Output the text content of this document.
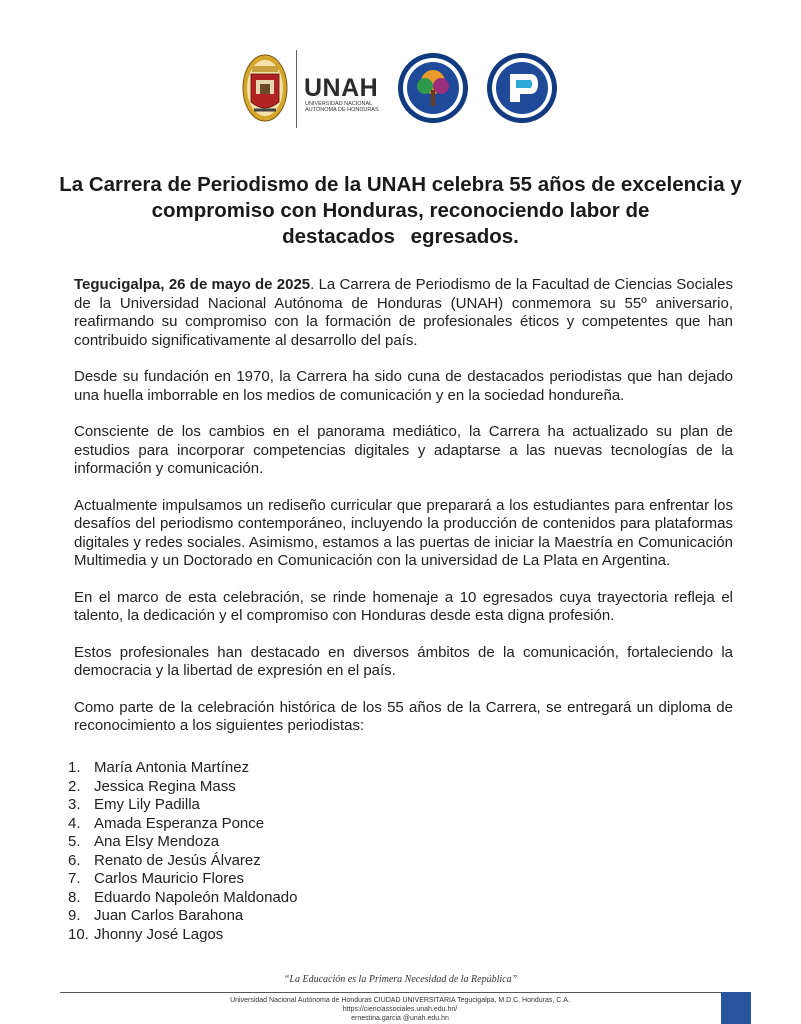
UNAH
UNIVERSIDAD NACIONAL
AUTÓNOMA DE HONDURAS
La Carrera de Periodismo de la UNAH celebra 55 años de excelencia y
compromiso con Honduras, reconociendo labor de
destacados egresados.

Tegucigalpa, 26 de mayo de 2025. La Carrera de Periodismo de la Facultad de Ciencias Sociales de la Universidad Nacional Autónoma de Honduras (UNAH) conmemora su 55º aniversario, reafirmando su compromiso con la formación de profesionales éticos y competentes que han contribuido significativamente al desarrollo del país.

Desde su fundación en 1970, la Carrera ha sido cuna de destacados periodistas que han dejado una huella imborrable en los medios de comunicación y en la sociedad hondureña.

Consciente de los cambios en el panorama mediático, la Carrera ha actualizado su plan de estudios para incorporar competencias digitales y adaptarse a las nuevas tecnologías de la información y comunicación.

Actualmente impulsamos un rediseño curricular que preparará a los estudiantes para enfrentar los desafíos del periodismo contemporáneo, incluyendo la producción de contenidos para plataformas digitales y redes sociales. Asimismo, estamos a las puertas de iniciar la Maestría en Comunicación Multimedia y un Doctorado en Comunicación con la universidad de La Plata en Argentina.

En el marco de esta celebración, se rinde homenaje a 10 egresados cuya trayectoria refleja el talento, la dedicación y el compromiso con Honduras desde esta digna profesión.

Estos profesionales han destacado en diversos ámbitos de la comunicación, fortaleciendo la democracia y la libertad de expresión en el país.

Como parte de la celebración histórica de los 55 años de la Carrera, se entregará un diploma de reconocimiento a los siguientes periodistas:

1. María Antonia Martínez
2. Jessica Regina Mass
3. Emy Lily Padilla
4. Amada Esperanza Ponce
5. Ana Elsy Mendoza
6. Renato de Jesús Álvarez
7. Carlos Mauricio Flores
8. Eduardo Napoleón Maldonado
9. Juan Carlos Barahona
10. Jhonny José Lagos
“La Educación es la Primera Necesidad de la República”
Universidad Nacional Autónoma de Honduras CIUDAD UNIVERSITARIA Tegucigalpa, M.D.C. Honduras, C.A.
https://cienciassociales.unah.edu.hn/
ernestina.garcia @unah.edu.hn
